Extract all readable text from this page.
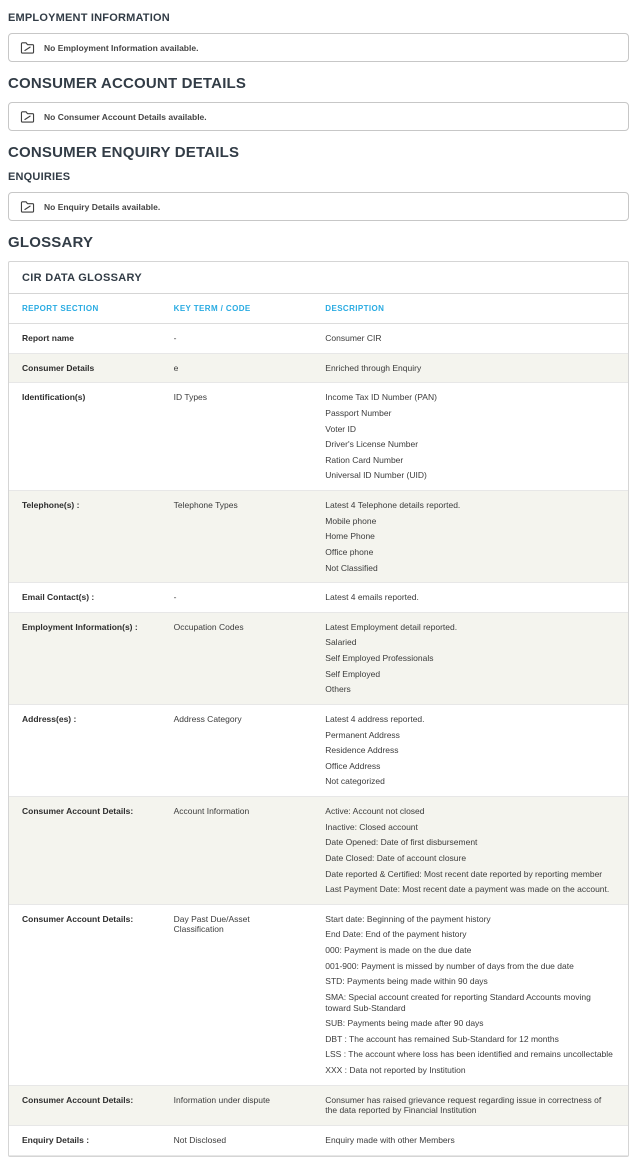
EMPLOYMENT INFORMATION
No Employment Information available.
CONSUMER ACCOUNT DETAILS
No Consumer Account Details available.
CONSUMER ENQUIRY DETAILS
ENQUIRIES
No Enquiry Details available.
GLOSSARY
CIR DATA GLOSSARY
REPORT SECTION	KEY TERM / CODE	DESCRIPTION
Report name	-	Consumer CIR

Consumer Details	e	Enriched through Enquiry

Identification(s)	ID Types	Income Tax ID Number (PAN)
Passport Number
Voter ID
Driver's License Number
Ration Card Number
Universal ID Number (UID)

Telephone(s) :	Telephone Types	Latest 4 Telephone details reported.
Mobile phone
Home Phone
Office phone
Not Classified

Email Contact(s) :	-	Latest 4 emails reported.

Employment Information(s) :	Occupation Codes	Latest Employment detail reported.
Salaried
Self Employed Professionals
Self Employed
Others

Address(es) :	Address Category	Latest 4 address reported.
Permanent Address
Residence Address
Office Address
Not categorized

Consumer Account Details:	Account Information	Active: Account not closed
Inactive: Closed account
Date Opened: Date of first disbursement
Date Closed: Date of account closure
Date reported & Certified: Most recent date reported by reporting member
Last Payment Date: Most recent date a payment was made on the account.

Consumer Account Details:	Day Past Due/Asset Classification	
Start date: Beginning of the payment history
End Date: End of the payment history
000: Payment is made on the due date
001-900: Payment is missed by number of days from the due date
STD: Payments being made within 90 days
SMA: Special account created for reporting Standard Accounts moving toward Sub-Standard
SUB: Payments being made after 90 days
DBT : The account has remained Sub-Standard for 12 months
LSS : The account where loss has been identified and remains uncollectable
XXX : Data not reported by Institution

Consumer Account Details:	Information under dispute	Consumer has raised grievance request regarding issue in correctness of the data reported by Financial Institution

Enquiry Details :	Not Disclosed	Enquiry made with other Members
